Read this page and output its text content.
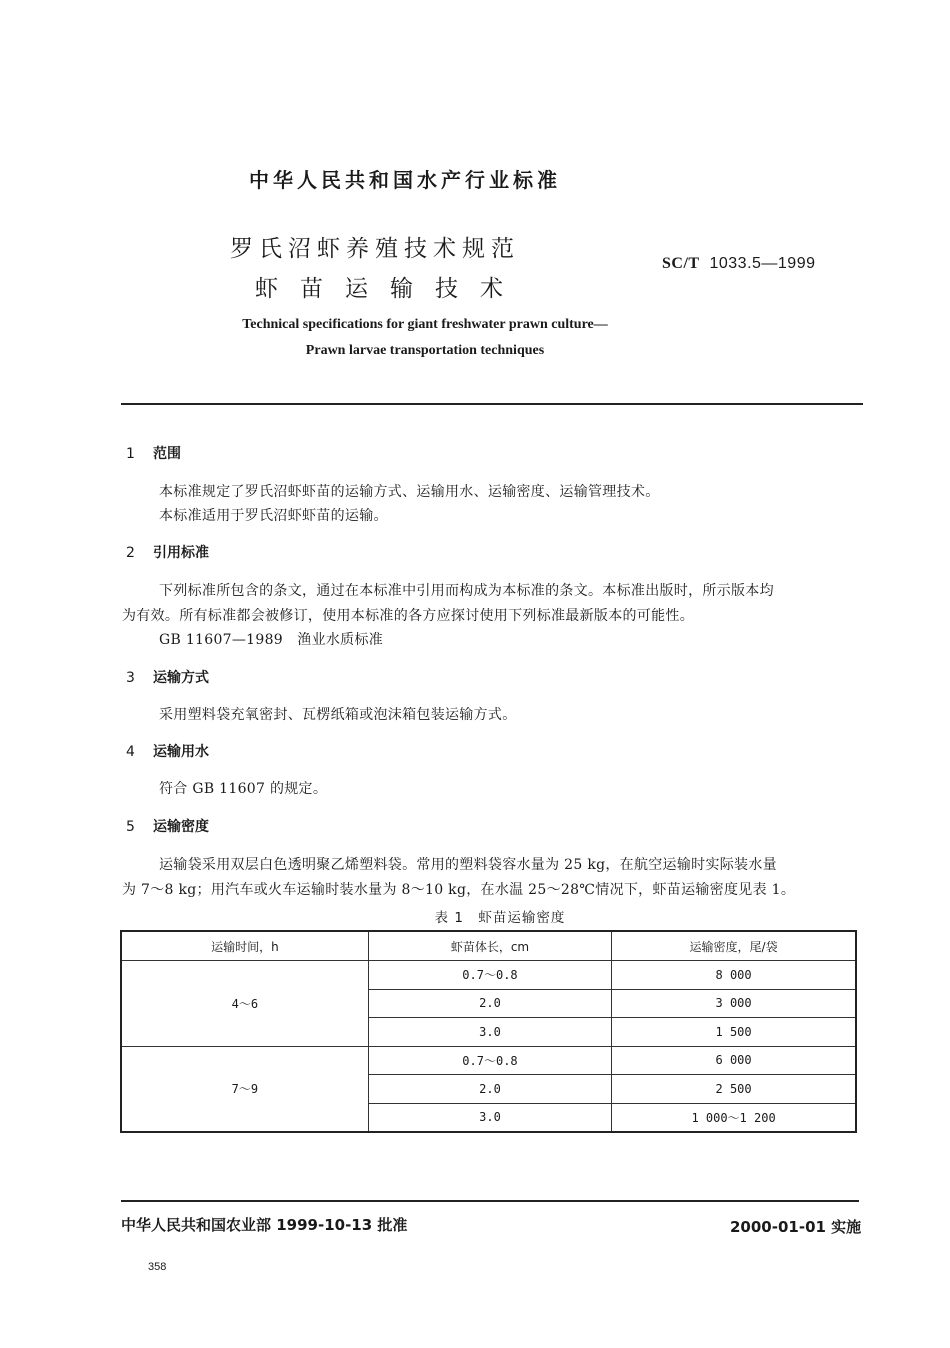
中华人民共和国水产行业标准
罗氏沼虾养殖技术规范
虾苗运输技术
SC/T 1033.5—1999
Technical specifications for giant freshwater prawn culture—
Prawn larvae transportation techniques
1 范围
本标准规定了罗氏沼虾虾苗的运输方式、运输用水、运输密度、运输管理技术。
本标准适用于罗氏沼虾虾苗的运输。
2 引用标准
下列标准所包含的条文，通过在本标准中引用而构成为本标准的条文。本标准出版时，所示版本均
为有效。所有标准都会被修订，使用本标准的各方应探讨使用下列标准最新版本的可能性。
GB 11607—1989 渔业水质标准
3 运输方式
采用塑料袋充氧密封、瓦楞纸箱或泡沫箱包装运输方式。
4 运输用水
符合 GB 11607 的规定。
5 运输密度
运输袋采用双层白色透明聚乙烯塑料袋。常用的塑料袋容水量为 25 kg，在航空运输时实际装水量
为 7～8 kg；用汽车或火车运输时装水量为 8～10 kg，在水温 25～28℃情况下，虾苗运输密度见表 1。
表 1　虾苗运输密度
运输时间，h	虾苗体长，cm	运输密度，尾/袋
4～6	0.7～0.8	8 000
	2.0	3 000
	3.0	1 500
7～9	0.7～0.8	6 000
	2.0	2 500
	3.0	1 000～1 200
中华人民共和国农业部 1999-10-13 批准	2000-01-01 实施
358
